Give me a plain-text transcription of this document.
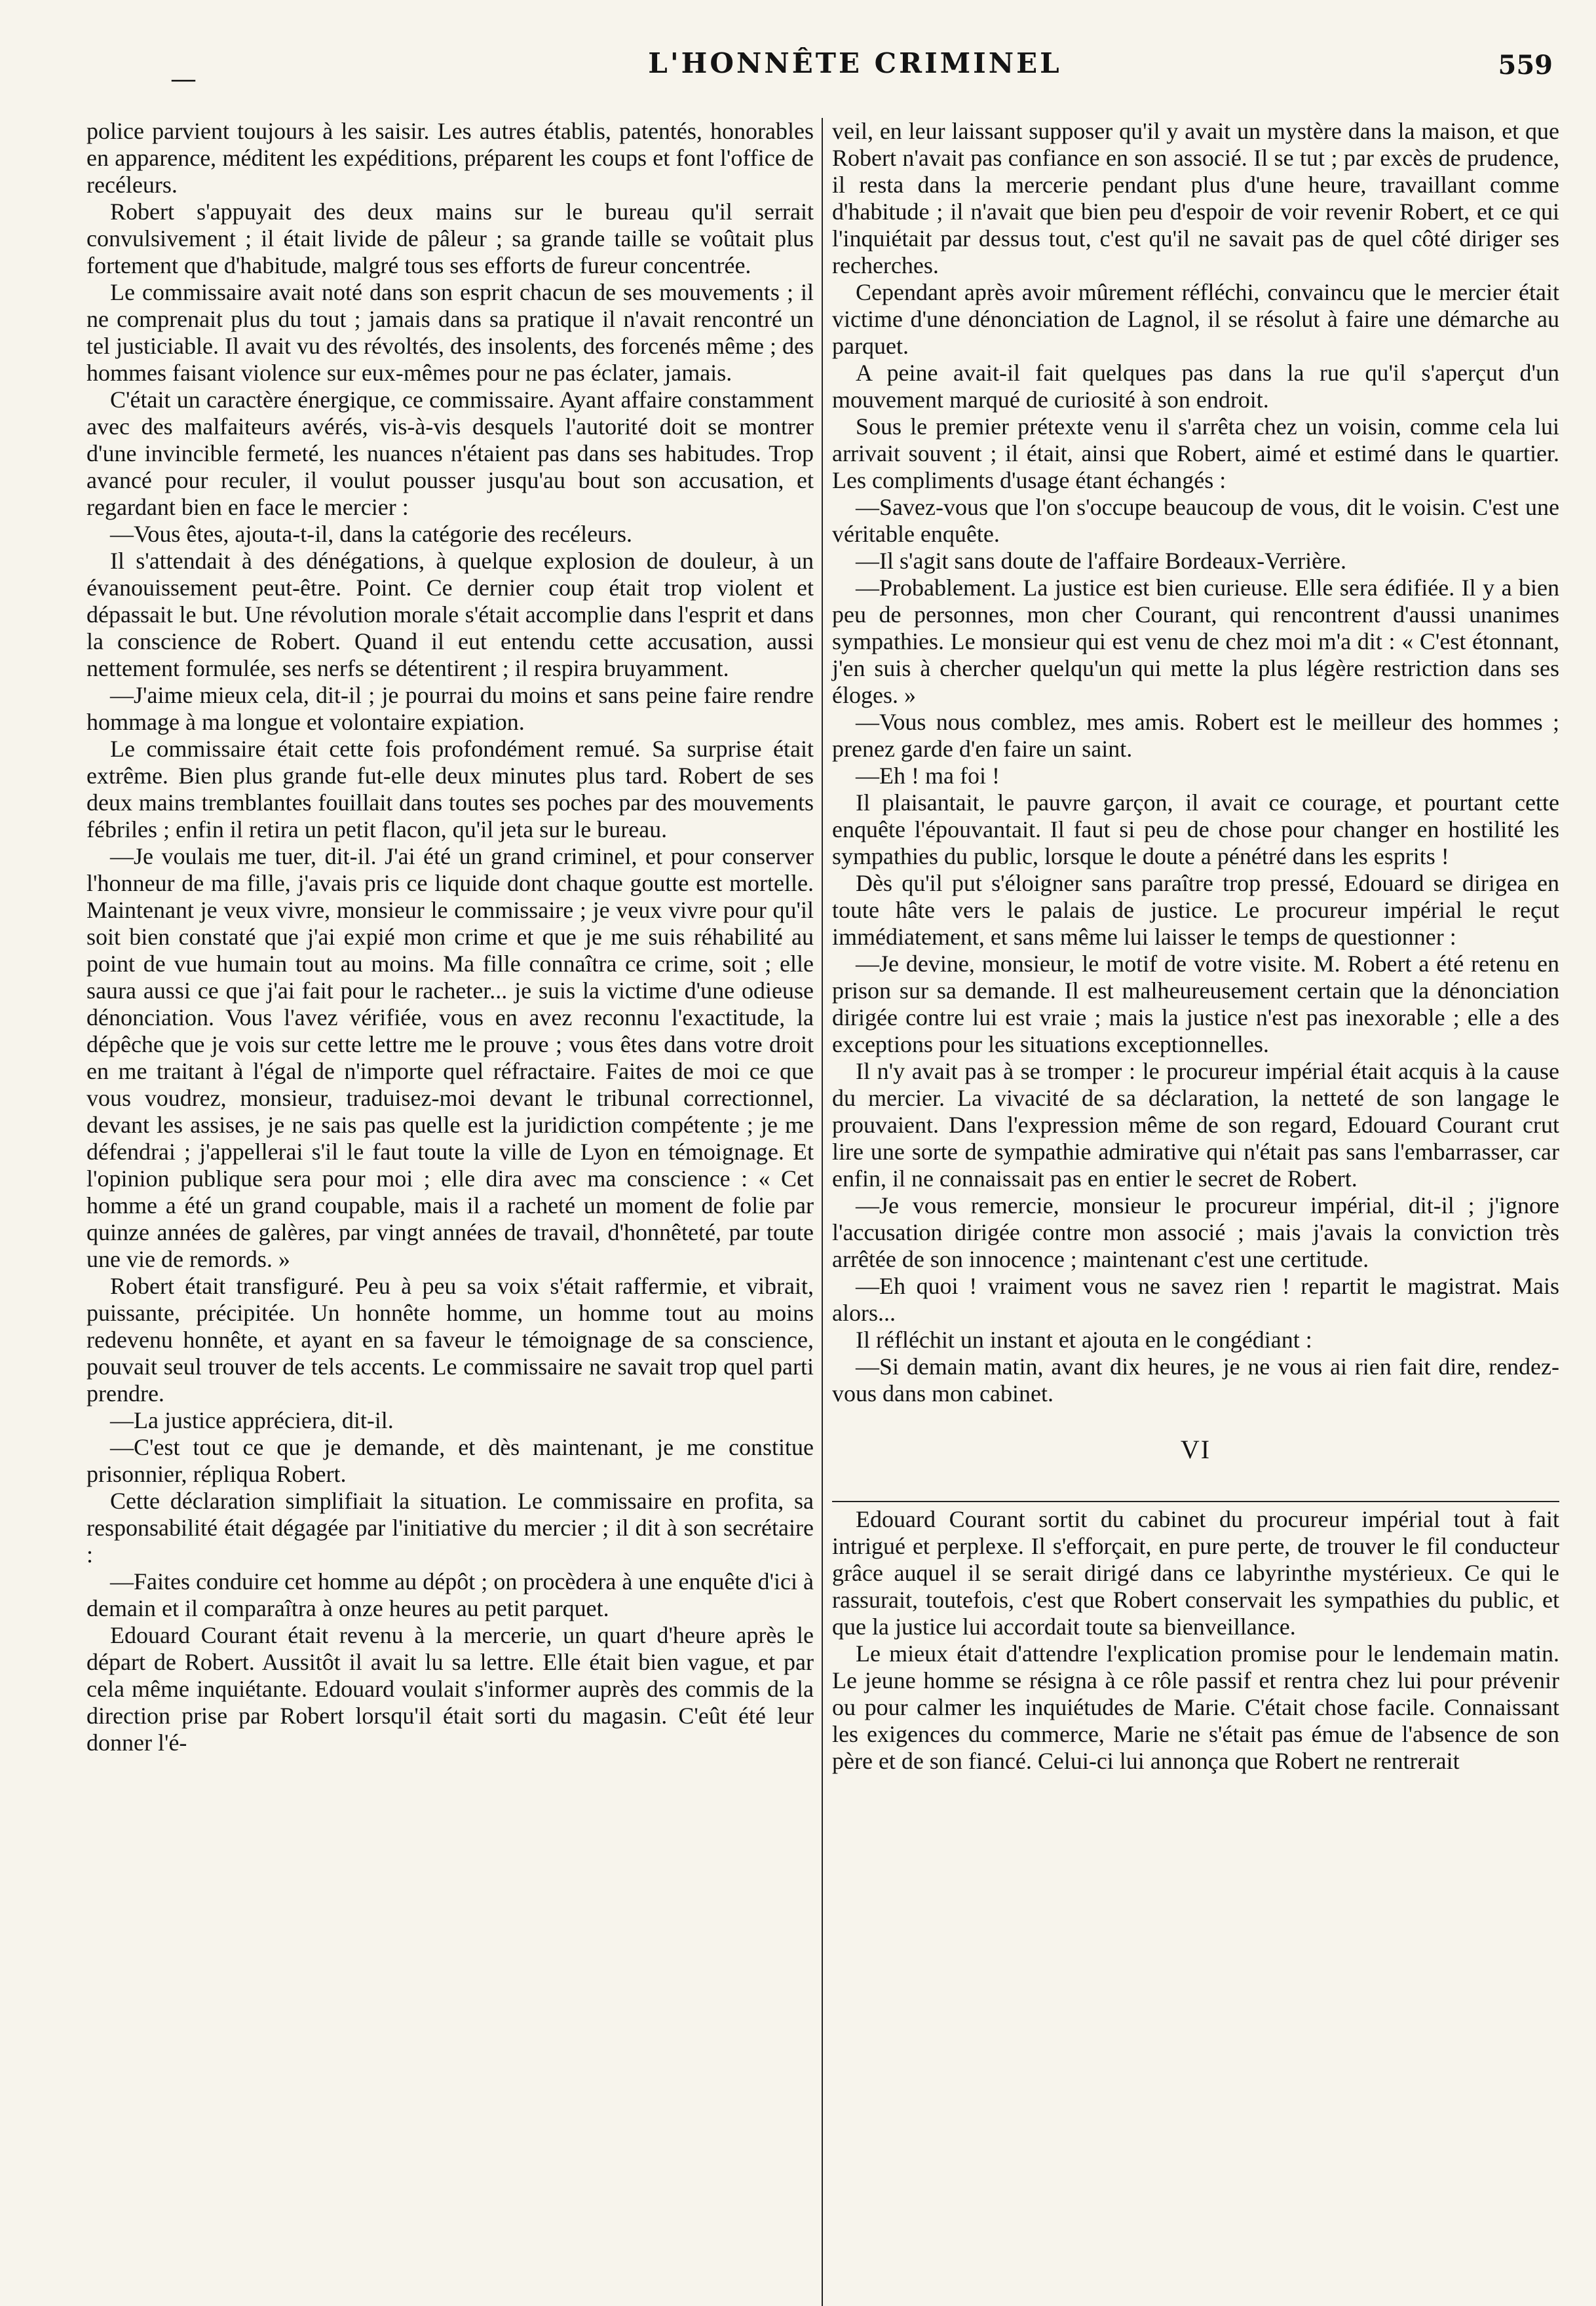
—	L'HONNÊTE CRIMINEL	559

police parvient toujours à les saisir. Les autres établis, patentés, honorables en apparence, méditent les expéditions, préparent les coups et font l'office de recéleurs.

Robert s'appuyait des deux mains sur le bureau qu'il serrait convulsivement ; il était livide de pâleur ; sa grande taille se voûtait plus fortement que d'habitude, malgré tous ses efforts de fureur concentrée.

Le commissaire avait noté dans son esprit chacun de ses mouvements ; il ne comprenait plus du tout ; jamais dans sa pratique il n'avait rencontré un tel justiciable. Il avait vu des révoltés, des insolents, des forcenés même ; des hommes faisant violence sur eux-mêmes pour ne pas éclater, jamais.

C'était un caractère énergique, ce commissaire. Ayant affaire constamment avec des malfaiteurs avérés, vis-à-vis desquels l'autorité doit se montrer d'une invincible fermeté, les nuances n'étaient pas dans ses habitudes. Trop avancé pour reculer, il voulut pousser jusqu'au bout son accusation, et regardant bien en face le mercier :

—Vous êtes, ajouta-t-il, dans la catégorie des recéleurs.

Il s'attendait à des dénégations, à quelque explosion de douleur, à un évanouissement peut-être. Point. Ce dernier coup était trop violent et dépassait le but. Une révolution morale s'était accomplie dans l'esprit et dans la conscience de Robert. Quand il eut entendu cette accusation, aussi nettement formulée, ses nerfs se détentirent ; il respira bruyamment.

—J'aime mieux cela, dit-il ; je pourrai du moins et sans peine faire rendre hommage à ma longue et volontaire expiation.

Le commissaire était cette fois profondément remué. Sa surprise était extrême. Bien plus grande fut-elle deux minutes plus tard. Robert de ses deux mains tremblantes fouillait dans toutes ses poches par des mouvements fébriles ; enfin il retira un petit flacon, qu'il jeta sur le bureau.

—Je voulais me tuer, dit-il. J'ai été un grand criminel, et pour conserver l'honneur de ma fille, j'avais pris ce liquide dont chaque goutte est mortelle. Maintenant je veux vivre, monsieur le commissaire ; je veux vivre pour qu'il soit bien constaté que j'ai expié mon crime et que je me suis réhabilité au point de vue humain tout au moins. Ma fille connaîtra ce crime, soit ; elle saura aussi ce que j'ai fait pour le racheter... je suis la victime d'une odieuse dénonciation. Vous l'avez vérifiée, vous en avez reconnu l'exactitude, la dépêche que je vois sur cette lettre me le prouve ; vous êtes dans votre droit en me traitant à l'égal de n'importe quel réfractaire. Faites de moi ce que vous voudrez, monsieur, traduisez-moi devant le tribunal correctionnel, devant les assises, je ne sais pas quelle est la juridiction compétente ; je me défendrai ; j'appellerai s'il le faut toute la ville de Lyon en témoignage. Et l'opinion publique sera pour moi ; elle dira avec ma conscience : « Cet homme a été un grand coupable, mais il a racheté un moment de folie par quinze années de galères, par vingt années de travail, d'honnêteté, par toute une vie de remords. »

Robert était transfiguré. Peu à peu sa voix s'était raffermie, et vibrait, puissante, précipitée. Un honnête homme, un homme tout au moins redevenu honnête, et ayant en sa faveur le témoignage de sa conscience, pouvait seul trouver de tels accents. Le commissaire ne savait trop quel parti prendre.

—La justice appréciera, dit-il.

—C'est tout ce que je demande, et dès maintenant, je me constitue prisonnier, répliqua Robert.

Cette déclaration simplifiait la situation. Le commissaire en profita, sa responsabilité était dégagée par l'initiative du mercier ; il dit à son secrétaire :

—Faites conduire cet homme au dépôt ; on procèdera à une enquête d'ici à demain et il comparaîtra à onze heures au petit parquet.

Edouard Courant était revenu à la mercerie, un quart d'heure après le départ de Robert. Aussitôt il avait lu sa lettre. Elle était bien vague, et par cela même inquiétante. Edouard voulait s'informer auprès des commis de la direction prise par Robert lorsqu'il était sorti du magasin. C'eût été leur donner l'é-

veil, en leur laissant supposer qu'il y avait un mystère dans la maison, et que Robert n'avait pas confiance en son associé. Il se tut ; par excès de prudence, il resta dans la mercerie pendant plus d'une heure, travaillant comme d'habitude ; il n'avait que bien peu d'espoir de voir revenir Robert, et ce qui l'inquiétait par dessus tout, c'est qu'il ne savait pas de quel côté diriger ses recherches.

Cependant après avoir mûrement réfléchi, convaincu que le mercier était victime d'une dénonciation de Lagnol, il se résolut à faire une démarche au parquet.

A peine avait-il fait quelques pas dans la rue qu'il s'aperçut d'un mouvement marqué de curiosité à son endroit.

Sous le premier prétexte venu il s'arrêta chez un voisin, comme cela lui arrivait souvent ; il était, ainsi que Robert, aimé et estimé dans le quartier. Les compliments d'usage étant échangés :

—Savez-vous que l'on s'occupe beaucoup de vous, dit le voisin. C'est une véritable enquête.

—Il s'agit sans doute de l'affaire Bordeaux-Verrière.

—Probablement. La justice est bien curieuse. Elle sera édifiée. Il y a bien peu de personnes, mon cher Courant, qui rencontrent d'aussi unanimes sympathies. Le monsieur qui est venu de chez moi m'a dit : « C'est étonnant, j'en suis à chercher quelqu'un qui mette la plus légère restriction dans ses éloges. »

—Vous nous comblez, mes amis. Robert est le meilleur des hommes ; prenez garde d'en faire un saint.

—Eh ! ma foi !

Il plaisantait, le pauvre garçon, il avait ce courage, et pourtant cette enquête l'épouvantait. Il faut si peu de chose pour changer en hostilité les sympathies du public, lorsque le doute a pénétré dans les esprits !

Dès qu'il put s'éloigner sans paraître trop pressé, Edouard se dirigea en toute hâte vers le palais de justice. Le procureur impérial le reçut immédiatement, et sans même lui laisser le temps de questionner :

—Je devine, monsieur, le motif de votre visite. M. Robert a été retenu en prison sur sa demande. Il est malheureusement certain que la dénonciation dirigée contre lui est vraie ; mais la justice n'est pas inexorable ; elle a des exceptions pour les situations exceptionnelles.

Il n'y avait pas à se tromper : le procureur impérial était acquis à la cause du mercier. La vivacité de sa déclaration, la netteté de son langage le prouvaient. Dans l'expression même de son regard, Edouard Courant crut lire une sorte de sympathie admirative qui n'était pas sans l'embarrasser, car enfin, il ne connaissait pas en entier le secret de Robert.

—Je vous remercie, monsieur le procureur impérial, dit-il ; j'ignore l'accusation dirigée contre mon associé ; mais j'avais la conviction très arrêtée de son innocence ; maintenant c'est une certitude.

—Eh quoi ! vraiment vous ne savez rien ! repartit le magistrat. Mais alors...

Il réfléchit un instant et ajouta en le congédiant :

—Si demain matin, avant dix heures, je ne vous ai rien fait dire, rendez-vous dans mon cabinet.

VI

Edouard Courant sortit du cabinet du procureur impérial tout à fait intrigué et perplexe. Il s'efforçait, en pure perte, de trouver le fil conducteur grâce auquel il se serait dirigé dans ce labyrinthe mystérieux. Ce qui le rassurait, toutefois, c'est que Robert conservait les sympathies du public, et que la justice lui accordait toute sa bienveillance.

Le mieux était d'attendre l'explication promise pour le lendemain matin. Le jeune homme se résigna à ce rôle passif et rentra chez lui pour prévenir ou pour calmer les inquiétudes de Marie. C'était chose facile. Connaissant les exigences du commerce, Marie ne s'était pas émue de l'absence de son père et de son fiancé. Celui-ci lui annonça que Robert ne rentrerait
